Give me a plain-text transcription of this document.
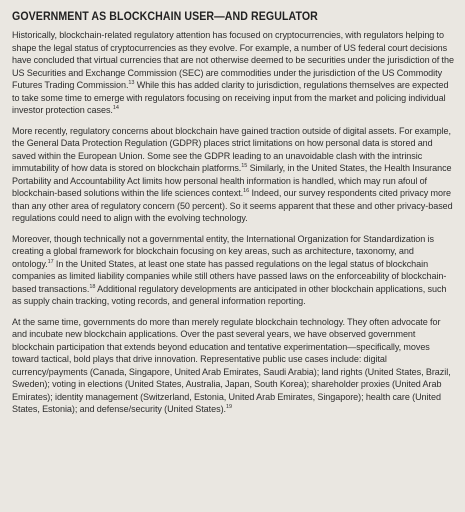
GOVERNMENT AS BLOCKCHAIN USER—AND REGULATOR

Historically, blockchain-related regulatory attention has focused on cryptocurrencies, with regulators helping to shape the legal status of cryptocurrencies as they evolve. For example, a number of US federal court decisions have concluded that virtual currencies that are not otherwise deemed to be securities under the jurisdiction of the US Securities and Exchange Commission (SEC) are commodities under the jurisdiction of the US Commodity Futures Trading Commission.$^{13}$ While this has added clarity to jurisdiction, regulations themselves are expected to take some time to emerge with regulators focusing on receiving input from the market and policing individual investor protection cases.$^{14}$

More recently, regulatory concerns about blockchain have gained traction outside of digital assets. For example, the General Data Protection Regulation (GDPR) places strict limitations on how personal data is stored and saved within the European Union. Some see the GDPR leading to an unavoidable clash with the intrinsic immutability of how data is stored on blockchain platforms.$^{15}$ Similarly, in the United States, the Health Insurance Portability and Accountability Act limits how personal health information is handled, which may run afoul of blockchain-based solutions within the life sciences context.$^{16}$ Indeed, our survey respondents cited privacy more than any other area of regulatory concern (50 percent). So it seems apparent that these and other privacy-based regulations could need to align with the evolving technology.

Moreover, though technically not a governmental entity, the International Organization for Standardization is creating a global framework for blockchain focusing on key areas, such as architecture, taxonomy, and ontology.$^{17}$ In the United States, at least one state has passed regulations on the legal status of blockchain companies as limited liability companies while still others have passed laws on the enforceability of blockchain-based transactions.$^{18}$ Additional regulatory developments are anticipated in other blockchain applications, such as supply chain tracking, voting records, and general information reporting.

At the same time, governments do more than merely regulate blockchain technology. They often advocate for and incubate new blockchain applications. Over the past several years, we have observed government blockchain participation that extends beyond education and tentative experimentation—specifically, moves toward tactical, bold plays that drive innovation. Representative public use cases include: digital currency/payments (Canada, Singapore, United Arab Emirates, Saudi Arabia); land rights (United States, Brazil, Sweden); voting in elections (United States, Australia, Japan, South Korea); shareholder proxies (United Arab Emirates); identity management (Switzerland, Estonia, United Arab Emirates, Singapore); health care (United States, Estonia); and defense/security (United States).$^{19}$
